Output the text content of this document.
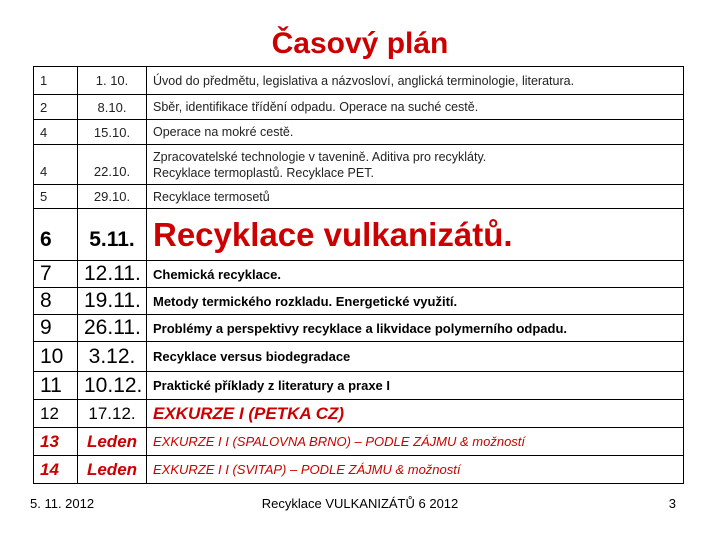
Časový plán
1	1. 10.	Úvod do předmětu, legislativa a názvosloví, anglická terminologie, literatura.
2	8.10.	Sběr, identifikace třídění odpadu. Operace na suché cestě.
4	15.10.	Operace na mokré cestě.
4	22.10.	Zpracovatelské technologie v tavenině. Aditiva pro recykláty.
Recyklace termoplastů. Recyklace PET.

5	29.10.	Recyklace termosetů
6	5.11.	Recyklace vulkanizátů.
7	12.11.	Chemická recyklace.
8	19.11.	Metody termického rozkladu. Energetické využití.
9	26.11.	Problémy a perspektivy recyklace a likvidace polymerního odpadu.
10	3.12.	Recyklace versus biodegradace
11	10.12.	Praktické příklady z literatury a praxe I
12	17.12.	EXKURZE I (PETKA CZ)
13	Leden	EXKURZE I I (SPALOVNA BRNO) – PODLE ZÁJMU & možností
14	Leden	EXKURZE I I (SVITAP) – PODLE ZÁJMU & možností
5. 11. 2012	Recyklace VULKANIZÁTŮ 6 2012	3
